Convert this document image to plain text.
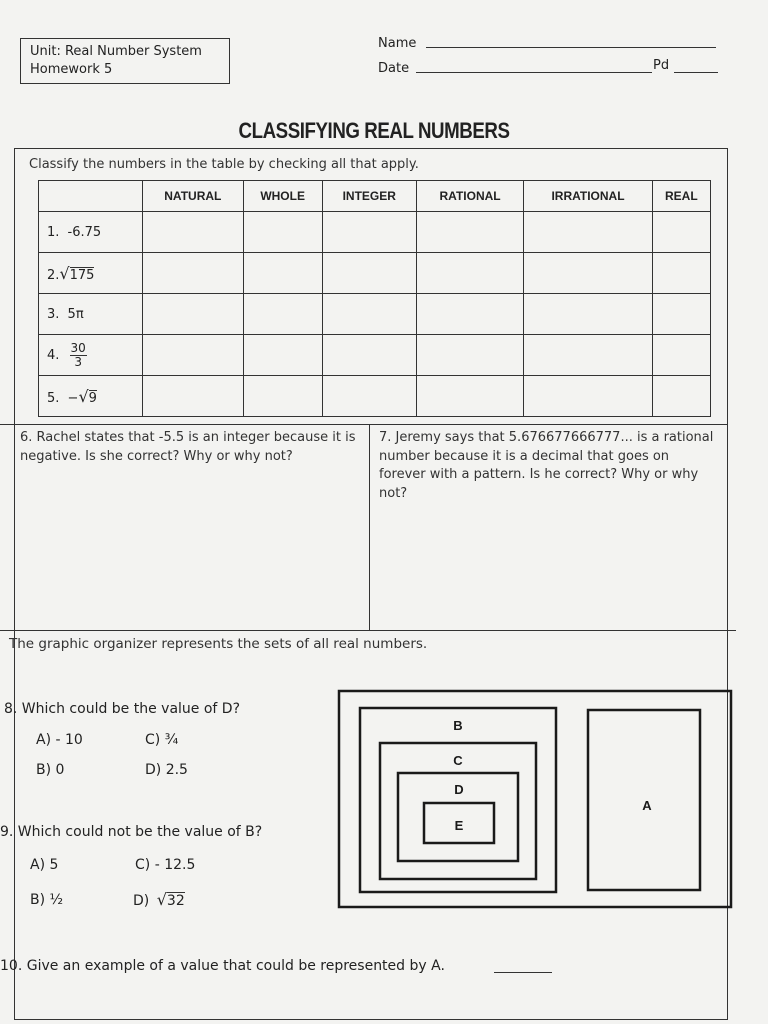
Unit: Real Number System
Homework 5
Name
Date	Pd
CLASSIFYING REAL NUMBERS
Classify the numbers in the table by checking all that apply.
	NATURAL	WHOLE	INTEGER	RATIONAL	IRRATIONAL	REAL
1. -6.75						
2.√175						
3. 5π						
4. $\frac{30}{3}$

5. −√9						
6. Rachel states that -5.5 is an integer because it is negative. Is she correct? Why or why not?
7. Jeremy says that 5.676677666777... is a rational number because it is a decimal that goes on forever with a pattern. Is he correct? Why or why not?
The graphic organizer represents the sets of all real numbers.
8. Which could be the value of D?
A) - 10	C) ¾
B) 0	D) 2.5
9. Which could not be the value of B?
A) 5	C) - 12.5
B) ½	D) √32
10. Give an example of a value that could be represented by A.
B
C
D
E
A
